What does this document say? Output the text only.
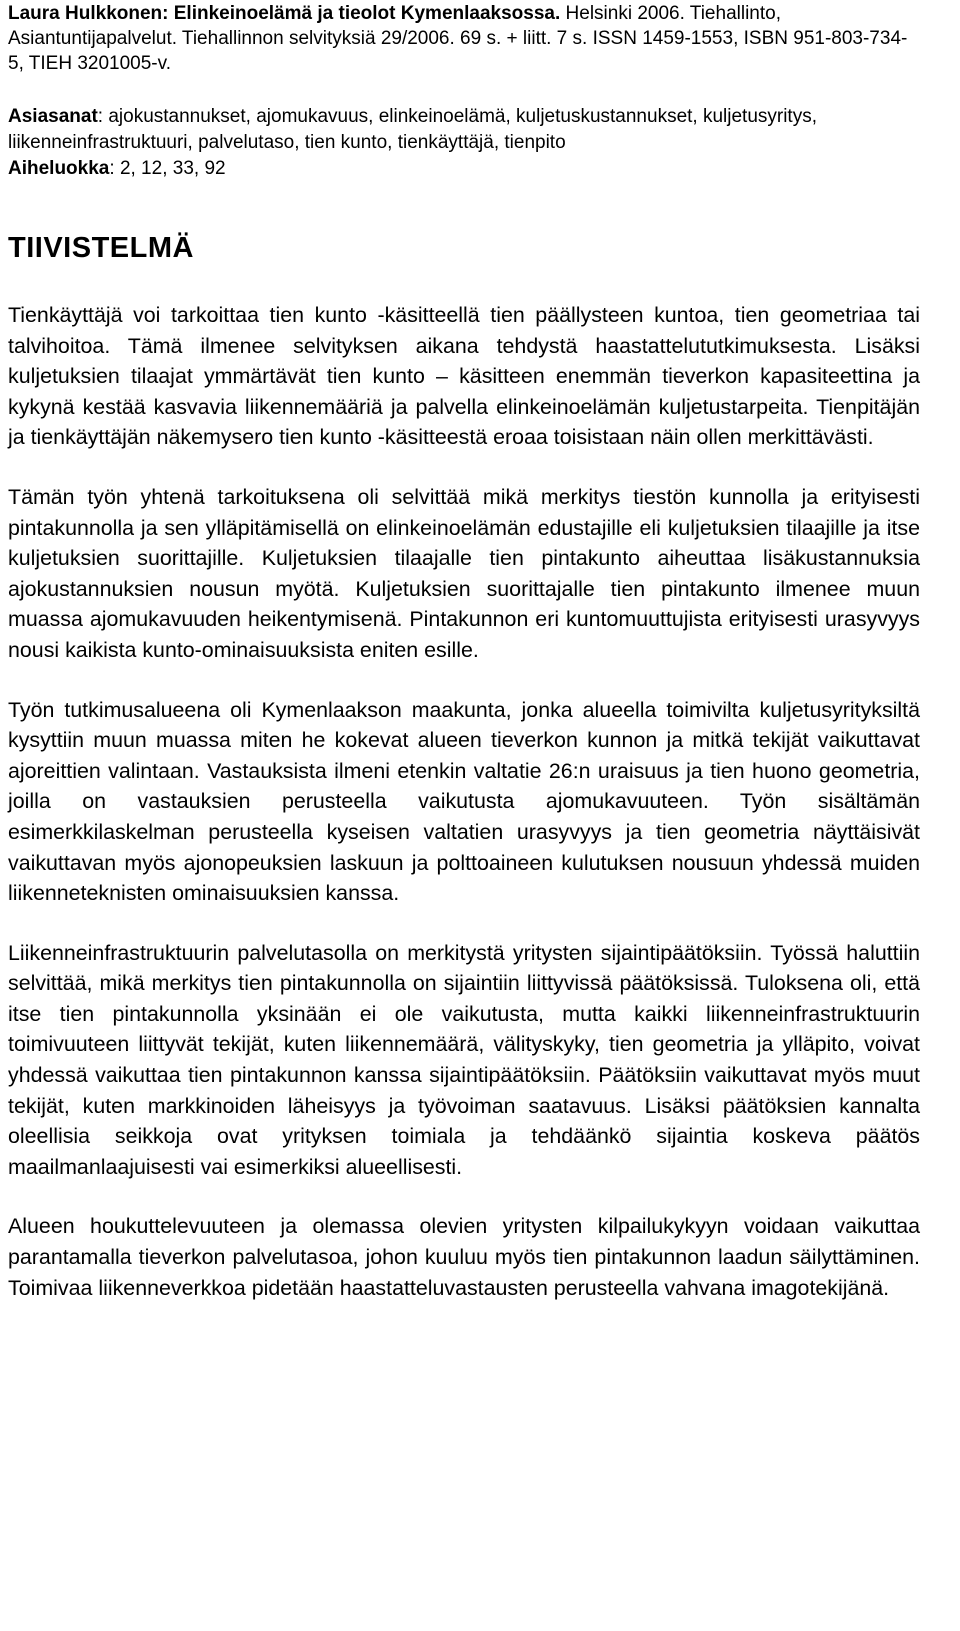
Laura Hulkkonen: Elinkeinoelämä ja tieolot Kymenlaaksossa. Helsinki 2006. Tiehallinto, Asiantuntijapalvelut. Tiehallinnon selvityksiä 29/2006. 69 s. + liitt. 7 s. ISSN 1459-1553, ISBN 951-803-734-5, TIEH 3201005-v.

Asiasanat: ajokustannukset, ajomukavuus, elinkeinoelämä, kuljetuskustannukset, kuljetusyritys, liikenneinfrastruktuuri, palvelutaso, tien kunto, tienkäyttäjä, tienpito

Aiheluokka: 2, 12, 33, 92

TIIVISTELMÄ

Tienkäyttäjä voi tarkoittaa tien kunto -käsitteellä tien päällysteen kuntoa, tien geometriaa tai talvihoitoa. Tämä ilmenee selvityksen aikana tehdystä haastattelututkimuksesta. Lisäksi kuljetuksien tilaajat ymmärtävät tien kunto – käsitteen enemmän tieverkon kapasiteettina ja kykynä kestää kasvavia liikennemääriä ja palvella elinkeinoelämän kuljetustarpeita. Tienpitäjän ja tienkäyttäjän näkemysero tien kunto -käsitteestä eroaa toisistaan näin ollen merkittävästi.

Tämän työn yhtenä tarkoituksena oli selvittää mikä merkitys tiestön kunnolla ja erityisesti pintakunnolla ja sen ylläpitämisellä on elinkeinoelämän edustajille eli kuljetuksien tilaajille ja itse kuljetuksien suorittajille. Kuljetuksien tilaajalle tien pintakunto aiheuttaa lisäkustannuksia ajokustannuksien nousun myötä. Kuljetuksien suorittajalle tien pintakunto ilmenee muun muassa ajomukavuuden heikentymisenä. Pintakunnon eri kuntomuuttujista erityisesti urasyvyys nousi kaikista kunto-ominaisuuksista eniten esille.

Työn tutkimusalueena oli Kymenlaakson maakunta, jonka alueella toimivilta kuljetusyrityksiltä kysyttiin muun muassa miten he kokevat alueen tieverkon kunnon ja mitkä tekijät vaikuttavat ajoreittien valintaan. Vastauksista ilmeni etenkin valtatie 26:n uraisuus ja tien huono geometria, joilla on vastauksien perusteella vaikutusta ajomukavuuteen. Työn sisältämän esimerkkilaskelman perusteella kyseisen valtatien urasyvyys ja tien geometria näyttäisivät vaikuttavan myös ajonopeuksien laskuun ja polttoaineen kulutuksen nousuun yhdessä muiden liikenneteknisten ominaisuuksien kanssa.

Liikenneinfrastruktuurin palvelutasolla on merkitystä yritysten sijaintipäätöksiin. Työssä haluttiin selvittää, mikä merkitys tien pintakunnolla on sijaintiin liittyvissä päätöksissä. Tuloksena oli, että itse tien pintakunnolla yksinään ei ole vaikutusta, mutta kaikki liikenneinfrastruktuurin toimivuuteen liittyvät tekijät, kuten liikennemäärä, välityskyky, tien geometria ja ylläpito, voivat yhdessä vaikuttaa tien pintakunnon kanssa sijaintipäätöksiin. Päätöksiin vaikuttavat myös muut tekijät, kuten markkinoiden läheisyys ja työvoiman saatavuus. Lisäksi päätöksien kannalta oleellisia seikkoja ovat yrityksen toimiala ja tehdäänkö sijaintia koskeva päätös maailmanlaajuisesti vai esimerkiksi alueellisesti.

Alueen houkuttelevuuteen ja olemassa olevien yritysten kilpailukykyyn voidaan vaikuttaa parantamalla tieverkon palvelutasoa, johon kuuluu myös tien pintakunnon laadun säilyttäminen. Toimivaa liikenneverkkoa pidetään haastatteluvastausten perusteella vahvana imagotekijänä.
